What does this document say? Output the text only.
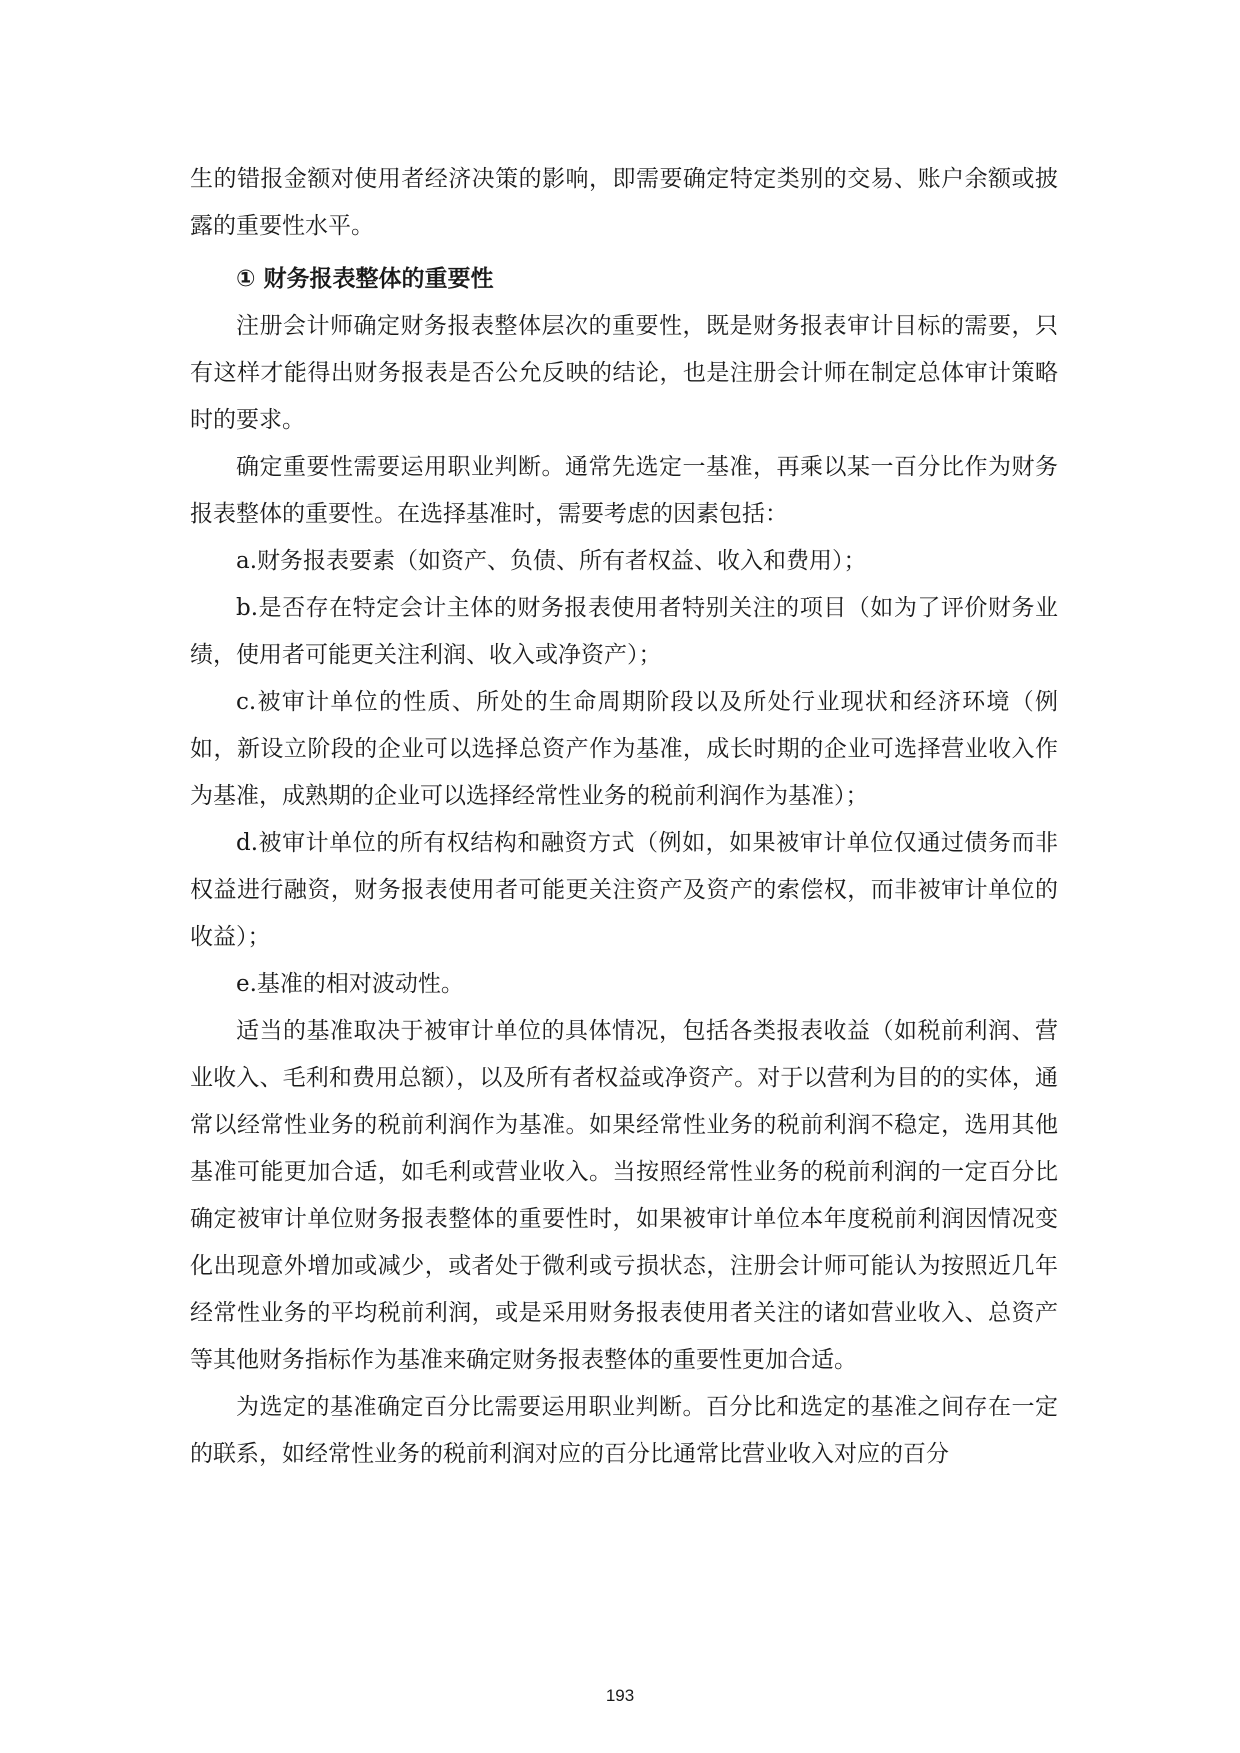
生的错报金额对使用者经济决策的影响，即需要确定特定类别的交易、账户余额或披露的重要性水平。

① 财务报表整体的重要性

注册会计师确定财务报表整体层次的重要性，既是财务报表审计目标的需要，只有这样才能得出财务报表是否公允反映的结论，也是注册会计师在制定总体审计策略时的要求。

确定重要性需要运用职业判断。通常先选定一基准，再乘以某一百分比作为财务报表整体的重要性。在选择基准时，需要考虑的因素包括：

a.财务报表要素（如资产、负债、所有者权益、收入和费用）；

b.是否存在特定会计主体的财务报表使用者特别关注的项目（如为了评价财务业绩，使用者可能更关注利润、收入或净资产）；

c.被审计单位的性质、所处的生命周期阶段以及所处行业现状和经济环境（例如，新设立阶段的企业可以选择总资产作为基准，成长时期的企业可选择营业收入作为基准，成熟期的企业可以选择经常性业务的税前利润作为基准）；

d.被审计单位的所有权结构和融资方式（例如，如果被审计单位仅通过债务而非权益进行融资，财务报表使用者可能更关注资产及资产的索偿权，而非被审计单位的收益）；

e.基准的相对波动性。

适当的基准取决于被审计单位的具体情况，包括各类报表收益（如税前利润、营业收入、毛利和费用总额），以及所有者权益或净资产。对于以营利为目的的实体，通常以经常性业务的税前利润作为基准。如果经常性业务的税前利润不稳定，选用其他基准可能更加合适，如毛利或营业收入。当按照经常性业务的税前利润的一定百分比确定被审计单位财务报表整体的重要性时，如果被审计单位本年度税前利润因情况变化出现意外增加或减少，或者处于微利或亏损状态，注册会计师可能认为按照近几年经常性业务的平均税前利润，或是采用财务报表使用者关注的诸如营业收入、总资产等其他财务指标作为基准来确定财务报表整体的重要性更加合适。

为选定的基准确定百分比需要运用职业判断。百分比和选定的基准之间存在一定的联系，如经常性业务的税前利润对应的百分比通常比营业收入对应的百分

193
